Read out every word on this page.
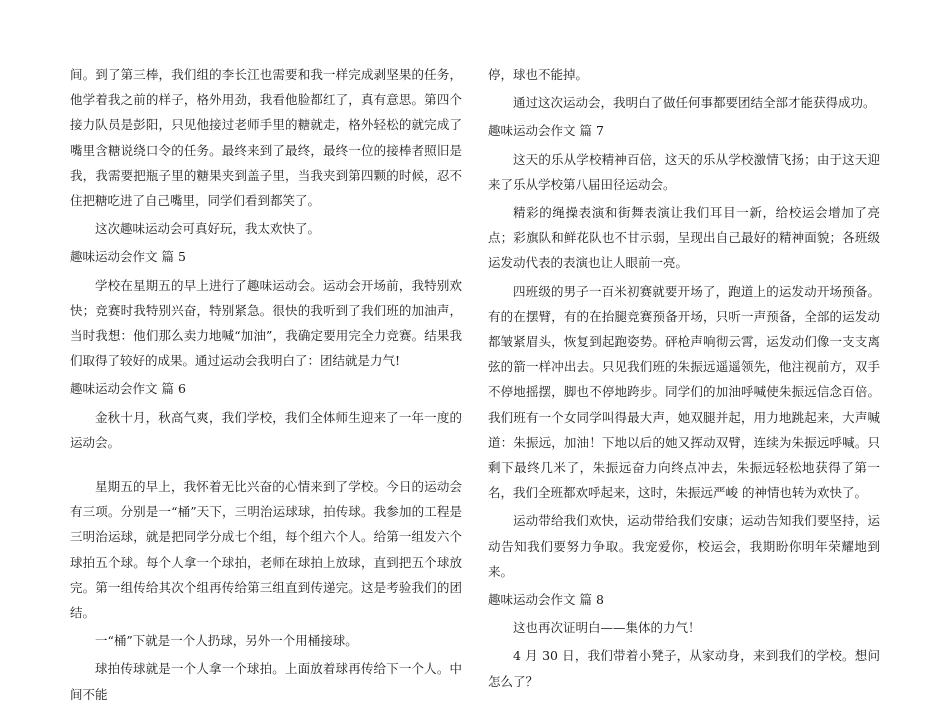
间。到了第三棒，我们组的李长江也需要和我一样完成剥坚果的任务，他学着我之前的样子，格外用劲，我看他脸都红了，真有意思。第四个接力队员是彭阳，只见他接过老师手里的糖就走，格外轻松的就完成了嘴里含糖说绕口令的任务。最终来到了最终，最终一位的接棒者照旧是我，我需要把瓶子里的糖果夹到盖子里，当我夹到第四颗的时候，忍不住把糖吃进了自己嘴里，同学们看到都笑了。

这次趣味运动会可真好玩，我太欢快了。

趣味运动会作文 篇 5

学校在星期五的早上进行了趣味运动会。运动会开场前，我特别欢快；竞赛时我特别兴奋，特别紧急。很快的我听到了我们班的加油声，当时我想：他们那么卖力地喊“加油”，我确定要用完全力竞赛。结果我们取得了较好的成果。通过运动会我明白了：团结就是力气!

趣味运动会作文 篇 6

金秋十月，秋高气爽，我们学校，我们全体师生迎来了一年一度的运动会。

星期五的早上，我怀着无比兴奋的心情来到了学校。今日的运动会有三项。分别是一“桶”天下，三明治运球球，拍传球。我参加的工程是三明治运球，就是把同学分成七个组，每个组六个人。给第一组发六个球拍五个球。每个人拿一个球拍，老师在球拍上放球，直到把五个球放完。第一组传给其次个组再传给第三组直到传递完。这是考验我们的团结。

一“桶”下就是一个人扔球，另外一个用桶接球。

球拍传球就是一个人拿一个球拍。上面放着球再传给下一个人。中间不能

停，球也不能掉。

通过这次运动会，我明白了做任何事都要团结全部才能获得成功。

趣味运动会作文 篇 7

这天的乐从学校精神百倍，这天的乐从学校激情飞扬；由于这天迎来了乐从学校第八届田径运动会。

精彩的绳操表演和街舞表演让我们耳目一新，给校运会增加了亮点；彩旗队和鲜花队也不甘示弱，呈现出自己最好的精神面貌；各班级运发动代表的表演也让人眼前一亮。

四班级的男子一百米初赛就要开场了，跑道上的运发动开场预备。有的在摆臂，有的在抬腿竞赛预备开场，只听一声预备，全部的运发动都皱紧眉头，恢复到起跑姿势。砰枪声响彻云霄，运发动们像一支支离弦的箭一样冲出去。只见我们班的朱振远遥遥领先，他注视前方，双手不停地摇摆，脚也不停地跨步。同学们的加油呼喊使朱振远信念百倍。我们班有一个女同学叫得最大声，她双腿并起，用力地跳起来，大声喊道：朱振远，加油！下地以后的她又挥动双臂，连续为朱振远呼喊。只剩下最终几米了，朱振远奋力向终点冲去，朱振远轻松地获得了第一名，我们全班都欢呼起来，这时，朱振远严峻 的神情也转为欢快了。

运动带给我们欢快，运动带给我们安康；运动告知我们要坚持，运动告知我们要努力争取。我宠爱你，校运会，我期盼你明年荣耀地到来。

趣味运动会作文 篇 8

这也再次证明白——集体的力气！

4 月 30 日，我们带着小凳子，从家动身，来到我们的学校。想问怎么了？
